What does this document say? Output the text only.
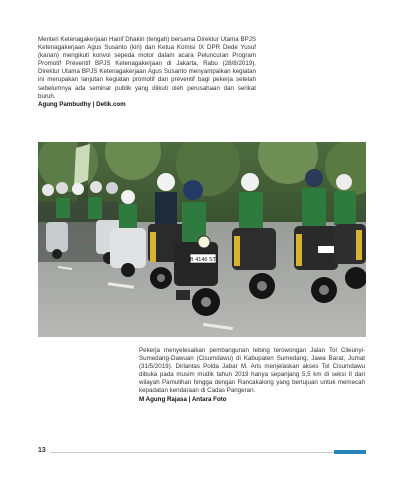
Menteri Ketenagakerjaan Hanif Dhakiri (tengah) bersama Direktur Utama BPJS Ketenagakerjaan Agus Susanto (kiri) dan Ketua Komisi IX DPR Dede Yusuf (kanan) mengikuti konvoi sepeda motor dalam acara Peluncuran Program Promotif Preventif BPJS Ketenagakerjaan di Jakarta, Rabu (28/8/2019). Direktur Utama BPJS Ketenagakerjaan Agus Susanto menyampaikan kegiatan ini merupakan lanjutan kegiatan promotif dan preventif bagi pekerja setelah sebelumnya ada seminar publik yang diikuti oleh perusahaan dan serikat buruh.
Agung Pambudhy | Detik.com
B 4146 ST
Pekerja menyelesaikan pembangunan tebing terowongan Jalan Tol Cileunyi-Sumedang-Dawuan (Cisumdawu) di Kabupaten Sumedang, Jawa Barat, Jumat (31/5/2019). Dirlantas Polda Jabar M. Aris menjelaskan akses Tol Cisumdawu dibuka pada musim mudik tahun 2019 hanya sepanjang 5,5 km di seksi II dari wilayah Pamulihan hingga dengan Rancakalong yang bertujuan untuk memecah kepadatan kendaraan di Cadas Pangeran.
M Agung Rajasa | Antara Foto
13
